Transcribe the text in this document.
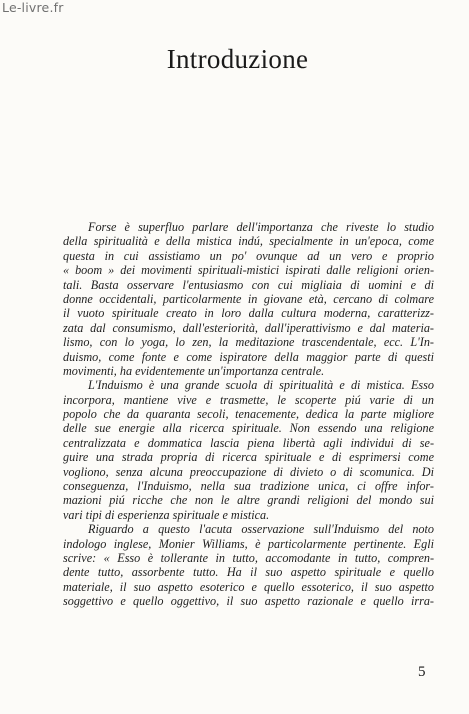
Le-livre.fr
Introduzione
Forse è superfluo parlare dell'importanza che riveste lo studio
della spiritualità e della mistica indú, specialmente in un'epoca, come
questa in cui assistiamo un po' ovunque ad un vero e proprio
« boom » dei movimenti spirituali-mistici ispirati dalle religioni orien-
tali. Basta osservare l'entusiasmo con cui migliaia di uomini e di
donne occidentali, particolarmente in giovane età, cercano di colmare
il vuoto spirituale creato in loro dalla cultura moderna, caratterizz-
zata dal consumismo, dall'esteriorità, dall'iperattivismo e dal materia-
lismo, con lo yoga, lo zen, la meditazione trascendentale, ecc. L'In-
duismo, come fonte e come ispiratore della maggior parte di questi
movimenti, ha evidentemente un'importanza centrale.
L'Induismo è una grande scuola di spiritualità e di mistica. Esso
incorpora, mantiene vive e trasmette, le scoperte piú varie di un
popolo che da quaranta secoli, tenacemente, dedica la parte migliore
delle sue energie alla ricerca spirituale. Non essendo una religione
centralizzata e dommatica lascia piena libertà agli individui di se-
guire una strada propria di ricerca spirituale e di esprimersi come
vogliono, senza alcuna preoccupazione di divieto o di scomunica. Di
conseguenza, l'Induismo, nella sua tradizione unica, ci offre infor-
mazioni piú ricche che non le altre grandi religioni del mondo sui
vari tipi di esperienza spirituale e mistica.
Riguardo a questo l'acuta osservazione sull'Induismo del noto
indologo inglese, Monier Williams, è particolarmente pertinente. Egli
scrive: « Esso è tollerante in tutto, accomodante in tutto, compren-
dente tutto, assorbente tutto. Ha il suo aspetto spirituale e quello
materiale, il suo aspetto esoterico e quello essoterico, il suo aspetto
soggettivo e quello oggettivo, il suo aspetto razionale e quello irra-
5
